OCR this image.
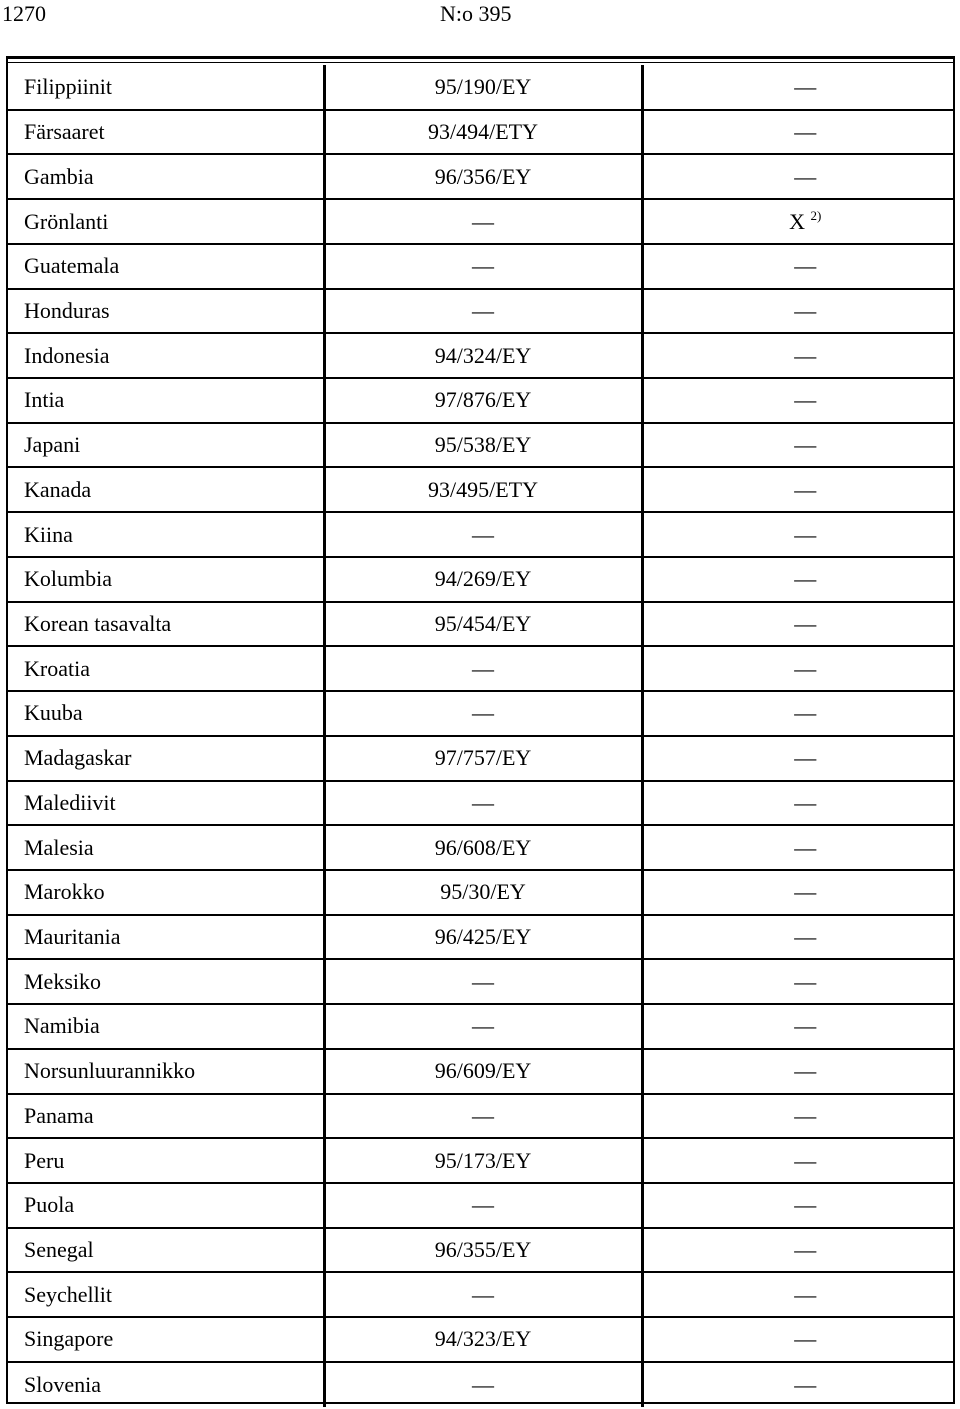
1270	N:o 395
Filippiinit	95/190/EY	—
Färsaaret	93/494/ETY	—
Gambia	96/356/EY	—
Grönlanti	—	X $^{2)}$
Guatemala	—	—
Honduras	—	—
Indonesia	94/324/EY	—
Intia	97/876/EY	—
Japani	95/538/EY	—
Kanada	93/495/ETY	—
Kiina	—	—
Kolumbia	94/269/EY	—
Korean tasavalta	95/454/EY	—
Kroatia	—	—
Kuuba	—	—
Madagaskar	97/757/EY	—
Malediivit	—	—
Malesia	96/608/EY	—
Marokko	95/30/EY	—
Mauritania	96/425/EY	—
Meksiko	—	—
Namibia	—	—
Norsunluurannikko	96/609/EY	—
Panama	—	—
Peru	95/173/EY	—
Puola	—	—
Senegal	96/355/EY	—
Seychellit	—	—
Singapore	94/323/EY	—
Slovenia	—	—
